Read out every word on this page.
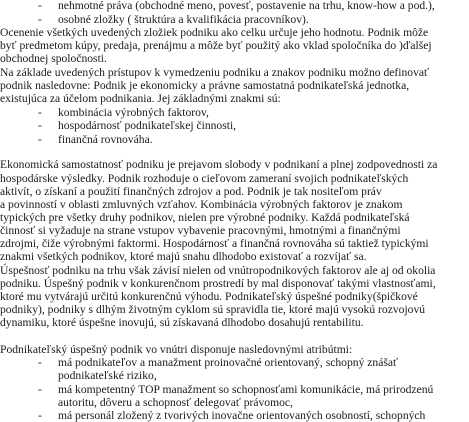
- nehmotné práva (obchodné meno, povesť, postavenie na trhu, know-how a pod.),
- osobné zložky ( štruktúra a kvalifikácia pracovníkov).
Ocenenie všetkých uvedených zložiek podniku ako celku určuje jeho hodnotu. Podnik môže
byť predmetom kúpy, predaja, prenájmu a môže byť použitý ako vklad spoločníka do )ďalšej
obchodnej spoločnosti.
Na základe uvedených prístupov k vymedzeniu podniku a znakov podniku možno definovať
podnik nasledovne: Podnik je ekonomicky a právne samostatná podnikateľská jednotka,
existujúca za účelom podnikania. Jej základnými znakmi sú:
- kombinácia výrobných faktorov,
- hospodárnosť podnikateľskej činnosti,
- finančná rovnováha.
Ekonomická samostatnosť podniku je prejavom slobody v podnikaní a plnej zodpovednosti za
hospodárske výsledky. Podnik rozhoduje o cieľovom zameraní svojich podnikateľských
aktivít, o získaní a použití finančných zdrojov a pod. Podnik je tak nositeľom práv
a povinností v oblasti zmluvných vzťahov. Kombinácia výrobných faktorov je znakom
typických pre všetky druhy podnikov, nielen pre výrobné podniky. Každá podnikateľská
činnosť si vyžaduje na strane vstupov vybavenie pracovnými, hmotnými a finančnými
zdrojmi, čiže výrobnými faktormi. Hospodárnosť a finančná rovnováha sú taktiež typickými
znakmi všetkých podnikov, ktoré majú snahu dlhodobo existovať a rozvíjať sa.
Úspešnosť podniku na trhu však závisí nielen od vnútropodnikových faktorov ale aj od okolia
podniku. Úspešný podnik v konkurenčnom prostredí by mal disponovať takými vlastnosťami,
ktoré mu vytvárajú určitú konkurenčnú výhodu. Podnikateľský úspešné podniky(špičkové
podniky), podniky s dlhým životným cyklom sú spravidla tie, ktoré majú vysokú rozvojovú
dynamiku, ktoré úspešne inovujú, sú získavaná dlhodobo dosahujú rentabilitu.
Podnikateľský úspešný podnik vo vnútri disponuje nasledovnými atribútmi:
- má podnikateľov a manažment proinovačné orientovaný, schopný znášať
podnikateľské riziko,
- má kompetentný TOP manažment so schopnosťami komunikácie, má prirodzenú
autoritu, dôveru a schopnosť delegovať právomoc,
- má personál zložený z tvorivých inovačne orientovaných osobností, schopných
